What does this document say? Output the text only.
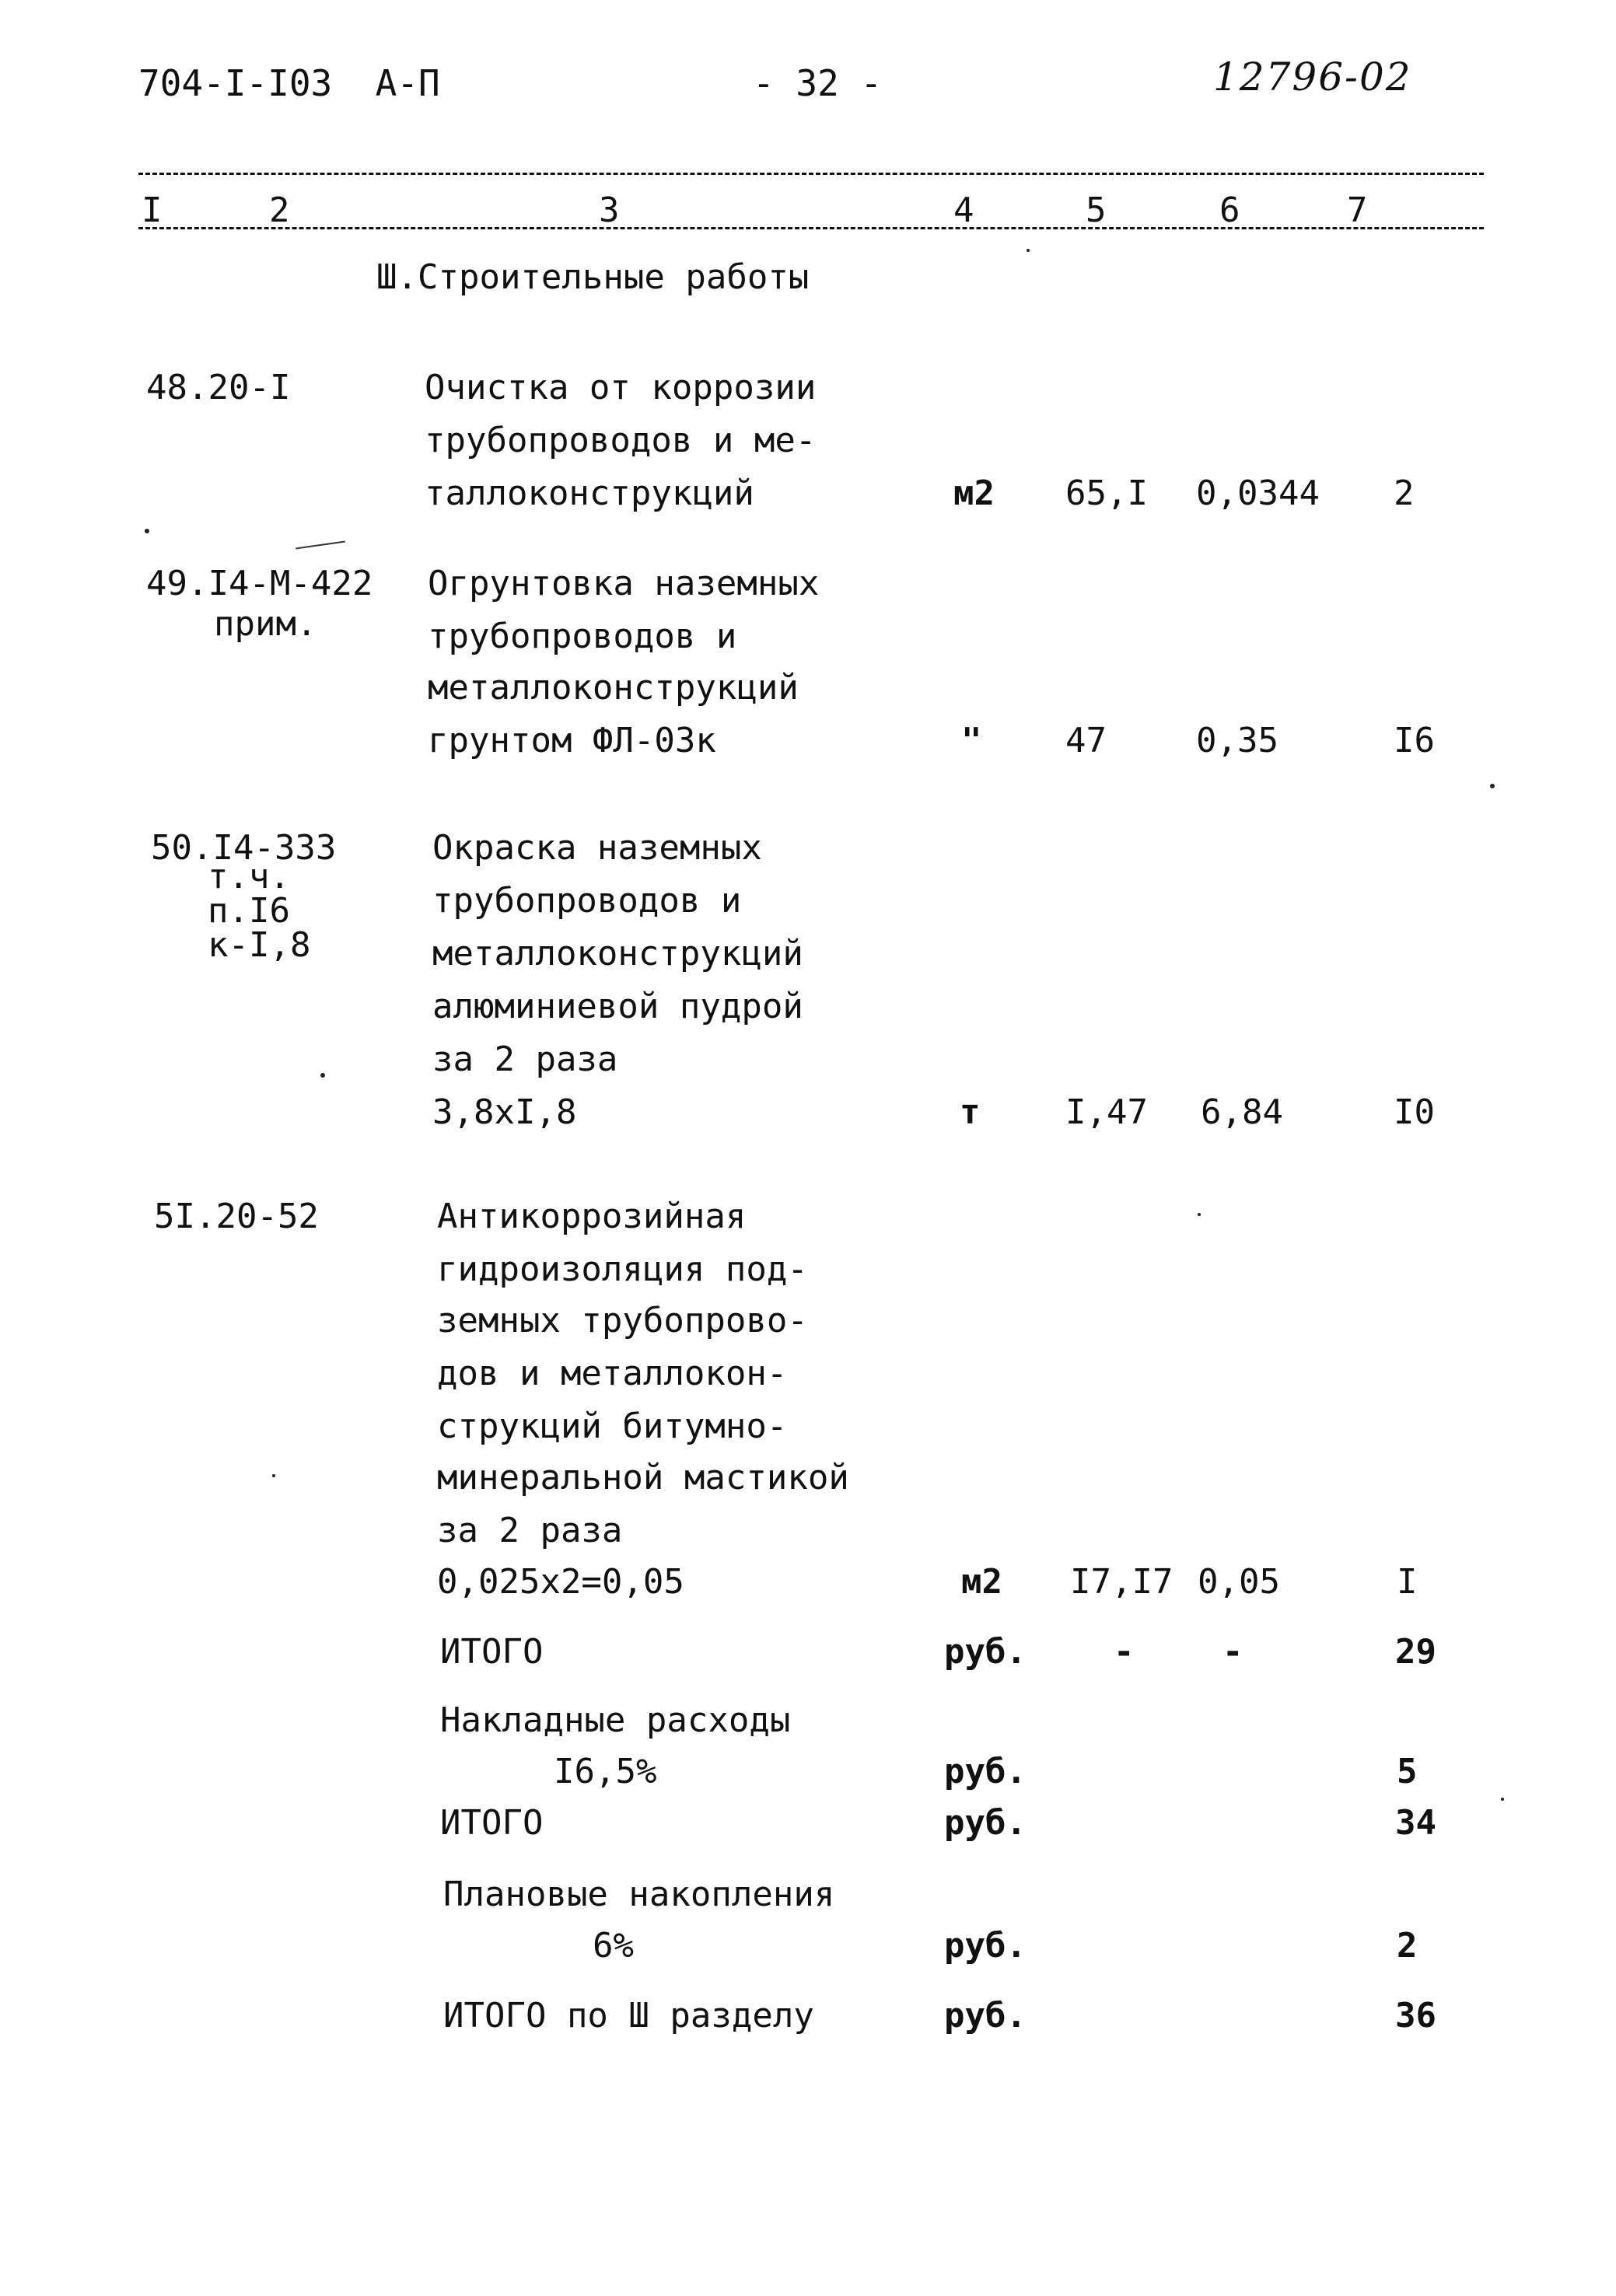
704-I-I03  А-П	- 32 -	12796-02
I	2	3	4	5	6	7
Ш.Строительные работы
48.20-I	Очистка от коррозии
трубопроводов и ме-
таллоконструкций	м2 65,I 0,0344 2
49.I4-М-422
прим.
Огрунтовка наземных
трубопроводов и
металлоконструкций
грунтом ФЛ-03к	" 47	0,35	I6
50.I4-333
т.ч.
п.I6
к-I,8
Окраска наземных
трубопроводов и
металлоконструкций
алюминиевой пудрой
за 2 раза
3,8xI,8	т I,47 6,84	I0
5I.20-52	Антикоррозийная
гидроизоляция под-
земных трубопрово-
дов и металлокон-
струкций битумно-
минеральной мастикой
за 2 раза
0,025x2=0,05	м2 I7,I7 0,05	I
ИТОГО	руб.	-	-	29
Накладные расходы
I6,5%	руб.	5
ИТОГО	руб.	34
Плановые накопления
6%	руб.	2
ИТОГО по Ш разделу	руб.	36
